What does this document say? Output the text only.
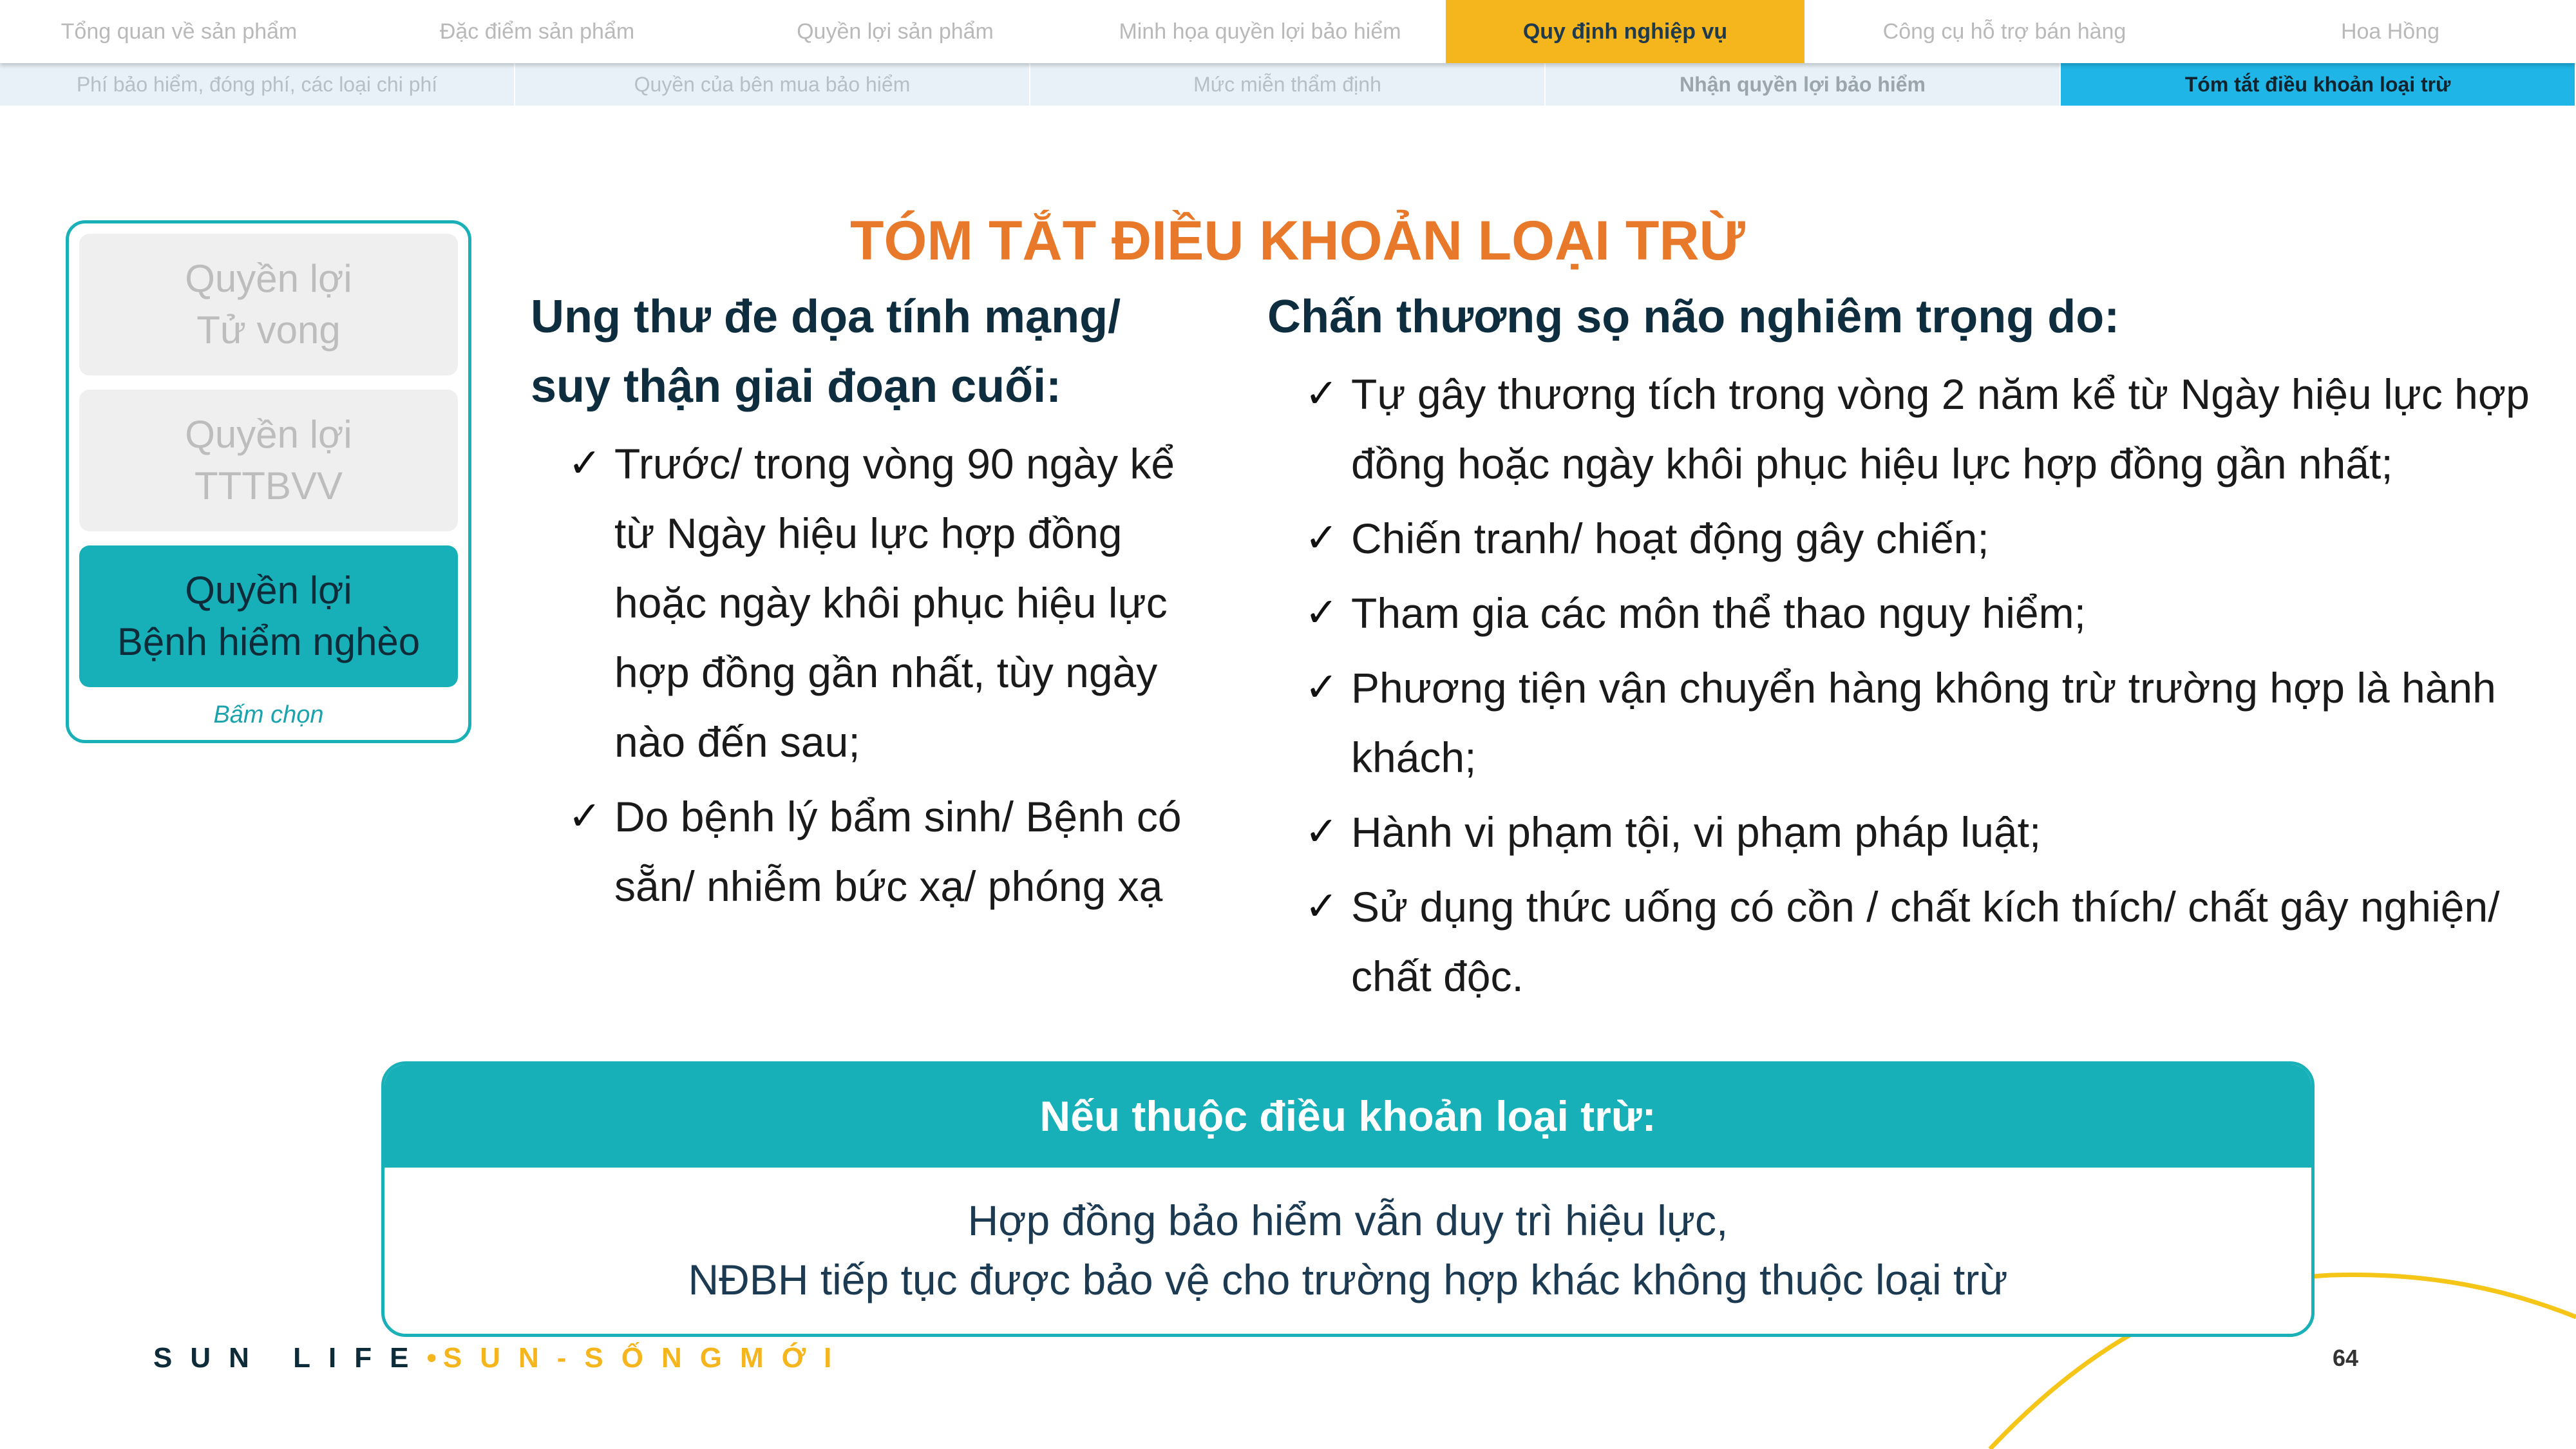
Tổng quan về sản phẩm	Đặc điểm sản phẩm	Quyền lợi sản phẩm	Minh họa quyền lợi bảo hiểm	Quy định nghiệp vụ	Công cụ hỗ trợ bán hàng	Hoa Hồng
Phí bảo hiểm, đóng phí, các loại chi phí	Quyền của bên mua bảo hiểm	Mức miễn thẩm định	Nhận quyền lợi bảo hiểm	Tóm tắt điều khoản loại trừ
Quyền lợi
Tử vong
Quyền lợi
TTTBVV
Quyền lợi
Bệnh hiểm nghèo
Bấm chọn
TÓM TẮT ĐIỀU KHOẢN LOẠI TRỪ
Ung thư đe dọa tính mạng/
suy thận giai đoạn cuối:
✓ Trước/ trong vòng 90 ngày kể từ Ngày hiệu lực hợp đồng hoặc ngày khôi phục hiệu lực hợp đồng gần nhất, tùy ngày nào đến sau;
✓ Do bệnh lý bẩm sinh/ Bệnh có sẵn/ nhiễm bức xạ/ phóng xạ
Chấn thương sọ não nghiêm trọng do:
✓ Tự gây thương tích trong vòng 2 năm kể từ Ngày hiệu lực hợp đồng hoặc ngày khôi phục hiệu lực hợp đồng gần nhất;
✓ Chiến tranh/ hoạt động gây chiến;
✓ Tham gia các môn thể thao nguy hiểm;
✓ Phương tiện vận chuyển hàng không trừ trường hợp là hành khách;
✓ Hành vi phạm tội, vi phạm pháp luật;
✓ Sử dụng thức uống có cồn / chất kích thích/ chất gây nghiện/ chất độc.
Nếu thuộc điều khoản loại trừ:
Hợp đồng bảo hiểm vẫn duy trì hiệu lực,
NĐBH tiếp tục được bảo vệ cho trường hợp khác không thuộc loại trừ
SUN LIFE•SUN-SỐNGMỚI	64
